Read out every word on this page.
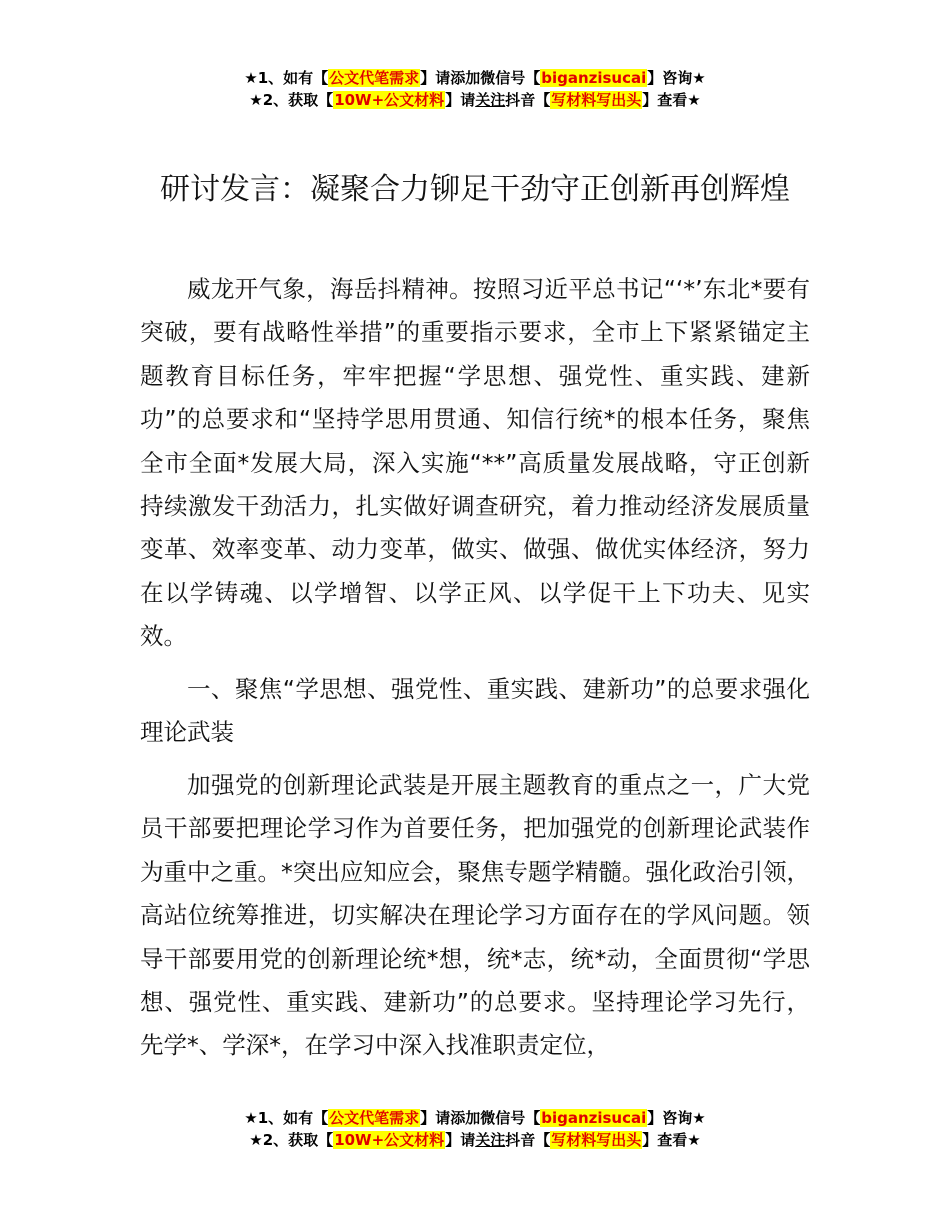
★1、如有【公文代笔需求】请添加微信号【biganzisucai】咨询★
★2、获取【10W+公文材料】请关注抖音【写材料写出头】查看★
研讨发言：凝聚合力铆足干劲守正创新再创辉煌

威龙开气象，海岳抖精神。按照习近平总书记“‘*’东北*要有突破，要有战略性举措”的重要指示要求，全市上下紧紧锚定主题教育目标任务，牢牢把握“学思想、强党性、重实践、建新功”的总要求和“坚持学思用贯通、知信行统*的根本任务，聚焦全市全面*发展大局，深入实施“**”高质量发展战略，守正创新持续激发干劲活力，扎实做好调查研究，着力推动经济发展质量变革、效率变革、动力变革，做实、做强、做优实体经济，努力在以学铸魂、以学增智、以学正风、以学促干上下功夫、见实效。

一、聚焦“学思想、强党性、重实践、建新功”的总要求强化理论武装

加强党的创新理论武装是开展主题教育的重点之一，广大党员干部要把理论学习作为首要任务，把加强党的创新理论武装作为重中之重。*突出应知应会，聚焦专题学精髓。强化政治引领，高站位统筹推进，切实解决在理论学习方面存在的学风问题。领导干部要用党的创新理论统*想，统*志，统*动，全面贯彻“学思想、强党性、重实践、建新功”的总要求。坚持理论学习先行，先学*、学深*，在学习中深入找准职责定位，

★1、如有【公文代笔需求】请添加微信号【biganzisucai】咨询★
★2、获取【10W+公文材料】请关注抖音【写材料写出头】查看★
